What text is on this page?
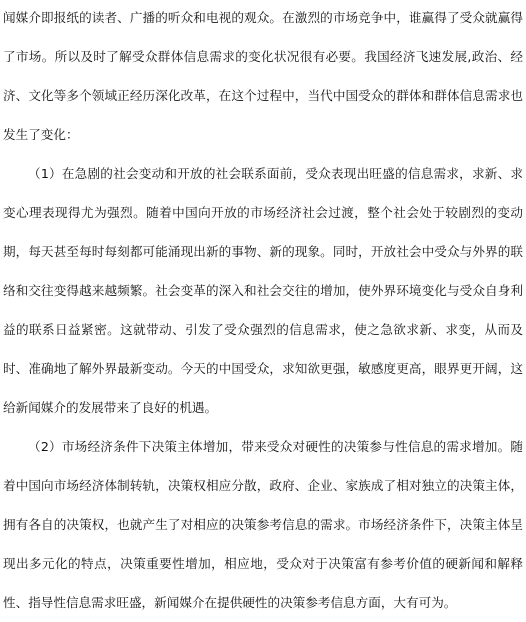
闻媒介即报纸的读者、广播的听众和电视的观众。在激烈的市场竞争中，谁赢得了受众就赢得了市场。所以及时了解受众群体信息需求的变化状况很有必要。我国经济飞速发展,政治、经济、文化等多个领域正经历深化改革，在这个过程中，当代中国受众的群体和群体信息需求也发生了变化：

（1）在急剧的社会变动和开放的社会联系面前，受众表现出旺盛的信息需求，求新、求变心理表现得尤为强烈。随着中国向开放的市场经济社会过渡，整个社会处于较剧烈的变动期，每天甚至每时每刻都可能涌现出新的事物、新的现象。同时，开放社会中受众与外界的联络和交往变得越来越频繁。社会变革的深入和社会交往的增加，使外界环境变化与受众自身利益的联系日益紧密。这就带动、引发了受众强烈的信息需求，使之急欲求新、求变，从而及时、准确地了解外界最新变动。今天的中国受众，求知欲更强，敏感度更高，眼界更开阔，这给新闻媒介的发展带来了良好的机遇。

（2）市场经济条件下决策主体增加，带来受众对硬性的决策参与性信息的需求增加。随着中国向市场经济体制转轨，决策权相应分散，政府、企业、家族成了相对独立的决策主体，拥有各自的决策权，也就产生了对相应的决策参考信息的需求。市场经济条件下，决策主体呈现出多元化的特点，决策重要性增加，相应地，受众对于决策富有参考价值的硬新闻和解释性、指导性信息需求旺盛，新闻媒介在提供硬性的决策参考信息方面，大有可为。
